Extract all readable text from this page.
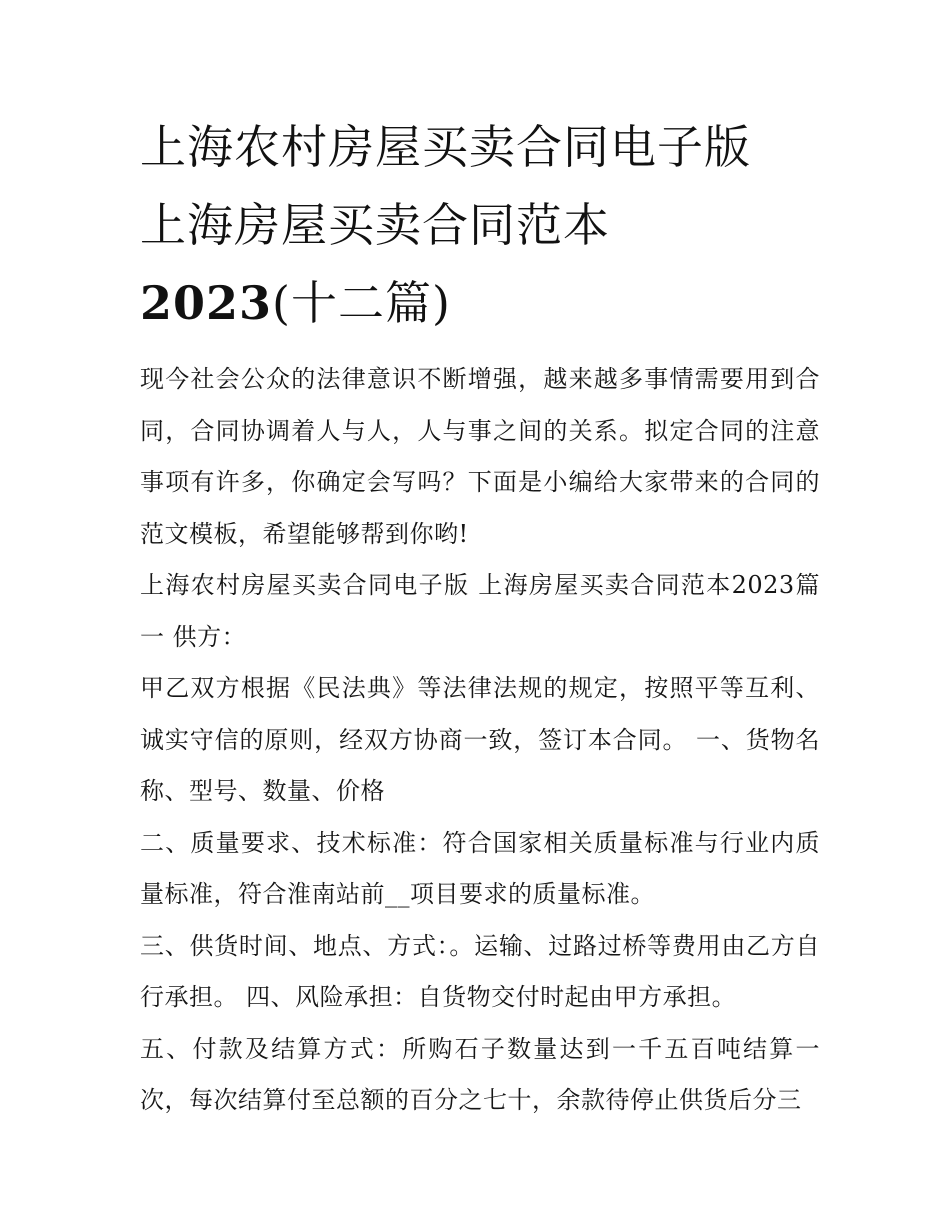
上海农村房屋买卖合同电子版
上海房屋买卖合同范本
2023(十二篇)

现今社会公众的法律意识不断增强，越来越多事情需要用到合同，合同协调着人与人，人与事之间的关系。拟定合同的注意事项有许多，你确定会写吗？下面是小编给大家带来的合同的范文模板，希望能够帮到你哟!

上海农村房屋买卖合同电子版 上海房屋买卖合同范本2023篇一 供方：

甲乙双方根据《民法典》等法律法规的规定，按照平等互利、诚实守信的原则，经双方协商一致，签订本合同。 一、货物名称、型号、数量、价格

二、质量要求、技术标准：符合国家相关质量标准与行业内质量标准，符合淮南站前__项目要求的质量标准。

三、供货时间、地点、方式：。运输、过路过桥等费用由乙方自行承担。 四、风险承担：自货物交付时起由甲方承担。

五、付款及结算方式：所购石子数量达到一千五百吨结算一次，每次结算付至总额的百分之七十，余款待停止供货后分三
